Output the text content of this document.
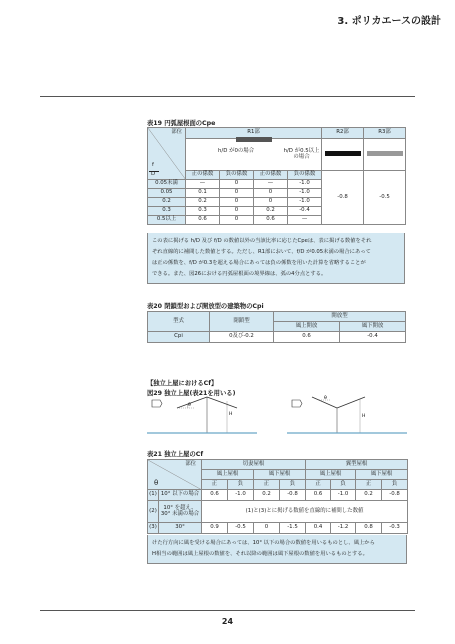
3. ポリカエースの設計
表19 円弧屋根面のCpe
部位
f
D	R1部				R2部	R3部

	h/D が0の場合 h/D が0.5以上の場合					

	正の係数	負の係数	正の係数	負の係数	-0.8	-0.5
0.05未満	—	0	—	-1.0		
0.05	0.1	0	0	-1.0		
0.2	0.2	0	0	-1.0		
0.3	0.3	0	0.2	-0.4		
0.5以上	0.6	0	0.6	—		
この表に掲げる h/D 及び f/D の数値以外の当該比率に応じたCpeは、表に掲げる数値をそれ
ぞれ直線的に補間した数値とする。ただし、R1部において、f/D が0.05未満の場合にあって
は正の係数を、f/D が0.3を超える場合にあっては負の係数を用いた計算を省略することが
できる。また、図26における円弧屋根面の境界線は、弧の4分点とする。
表20 閉鎖型および開放型の建築物のCpi
型式	閉鎖型	開放型	
		風上開放	風下開放
Cpi	0及び-0.2	0.6	-0.4
【独立上屋におけるCf】
図29 独立上屋(表21を用いる)
θ
H
θ
H
表21 独立上屋のCf
部位
θ		切妻屋根				翼型屋根			
		風上屋根		風下屋根		風上屋根		風下屋根	
		正	負	正	負	正	負	正	負
(1)	10° 以下の場合	0.6	-1.0	0.2	-0.8	0.6	-1.0	0.2	-0.8
(2)	10° を超え、
30° 未満の場合	(1)と(3)とに掲げる数値を直線的に補間した数値							
(3)	30°	0.9	-0.5	0	-1.5	0.4	-1.2	0.8	-0.3
けた行方向に風を受ける場合にあっては、10° 以下の場合の数値を用いるものとし、風上から
H相当の範囲は風上屋根の数値を、それ以降の範囲は風下屋根の数値を用いるものとする。
24
